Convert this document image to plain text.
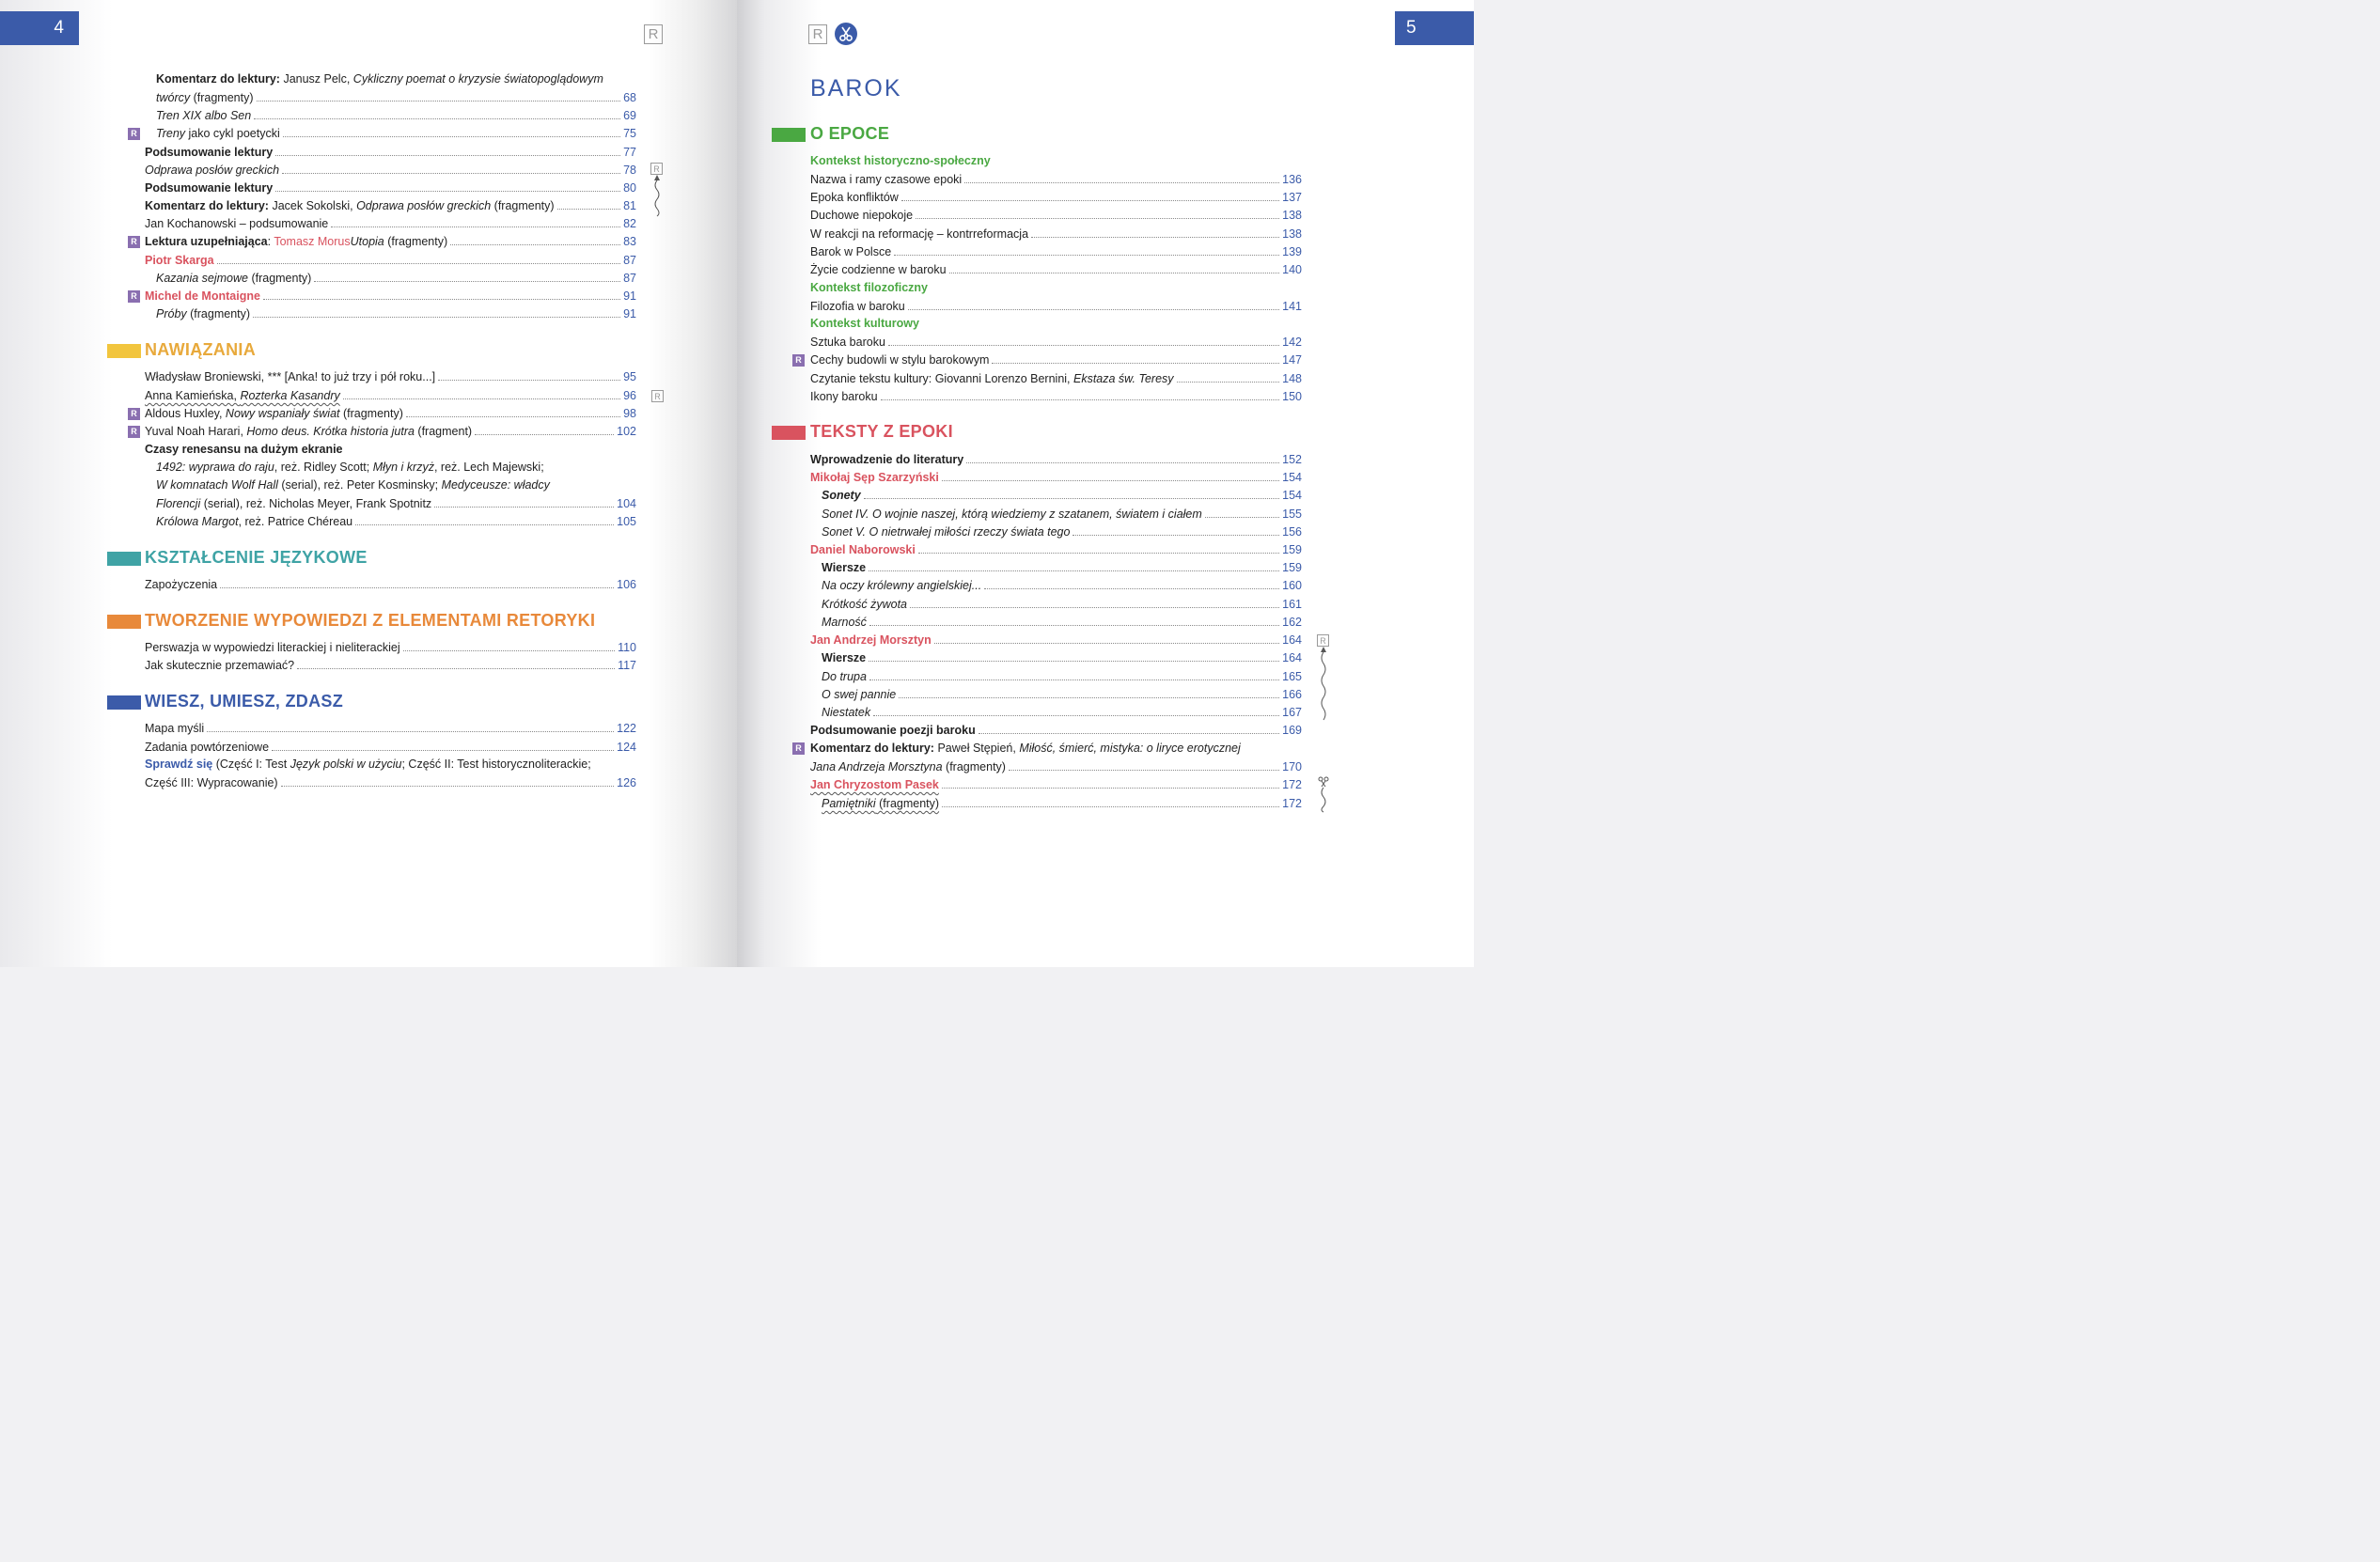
4	R
Komentarz do lektury: Janusz Pelc, Cykliczny poemat o kryzysie światopoglądowym
twórcy (fragmenty)	68
Tren XIX albo Sen	69
R Treny jako cykl poetycki	75
Podsumowanie lektury	77
Odprawa posłów greckich	78
Podsumowanie lektury	80
Komentarz do lektury: Jacek Sokolski, Odprawa posłów greckich (fragmenty)	81
Jan Kochanowski – podsumowanie	82
R Lektura uzupełniająca: Tomasz MorusUtopia (fragmenty)	83
Piotr Skarga	87
Kazania sejmowe (fragmenty)	87
R Michel de Montaigne	91
Próby (fragmenty)	91
R
NAWIĄZANIA
Władysław Broniewski, *** [Anka! to już trzy i pół roku...]	95
Anna Kamieńska, Rozterka Kasandry	96	R
R Aldous Huxley, Nowy wspaniały świat (fragmenty)	98
R Yuval Noah Harari, Homo deus. Krótka historia jutra (fragment)	102
Czasy renesansu na dużym ekranie
1492: wyprawa do raju, reż. Ridley Scott; Młyn i krzyż, reż. Lech Majewski;
W komnatach Wolf Hall (serial), reż. Peter Kosminsky; Medyceusze: władcy
Florencji (serial), reż. Nicholas Meyer, Frank Spotnitz	104
Królowa Margot, reż. Patrice Chéreau	105
KSZTAŁCENIE JĘZYKOWE
Zapożyczenia	106
TWORZENIE WYPOWIEDZI Z ELEMENTAMI RETORYKI
Perswazja w wypowiedzi literackiej i nieliterackiej	110
Jak skutecznie przemawiać?	117
WIESZ, UMIESZ, ZDASZ
Mapa myśli	122
Zadania powtórzeniowe	124
Sprawdź się (Część I: Test Język polski w użyciu; Część II: Test historycznoliterackie;
Część III: Wypracowanie)	126
5
R
BAROK
O EPOCE
Kontekst historyczno-społeczny
Nazwa i ramy czasowe epoki	136
Epoka konfliktów	137
Duchowe niepokoje	138
W reakcji na reformację – kontrreformacja	138
Barok w Polsce	139
Życie codzienne w baroku	140
Kontekst filozoficzny
Filozofia w baroku	141
Kontekst kulturowy
Sztuka baroku	142
R Cechy budowli w stylu barokowym	147
Czytanie tekstu kultury: Giovanni Lorenzo Bernini, Ekstaza św. Teresy	148
Ikony baroku	150
TEKSTY Z EPOKI
Wprowadzenie do literatury	152
Mikołaj Sęp Szarzyński	154
Sonety	154
Sonet IV. O wojnie naszej, którą wiedziemy z szatanem, światem i ciałem	155
Sonet V. O nietrwałej miłości rzeczy świata tego	156
Daniel Naborowski	159
Wiersze	159
Na oczy królewny angielskiej...	160
Krótkość żywota	161
Marność	162
Jan Andrzej Morsztyn	164
Wiersze	164
Do trupa	165
O swej pannie	166
Niestatek	167
Podsumowanie poezji baroku	169
R Komentarz do lektury: Paweł Stępień, Miłość, śmierć, mistyka: o liryce erotycznej
Jana Andrzeja Morsztyna (fragmenty)	170
Jan Chryzostom Pasek	172
Pamiętniki (fragmenty)	172
R
